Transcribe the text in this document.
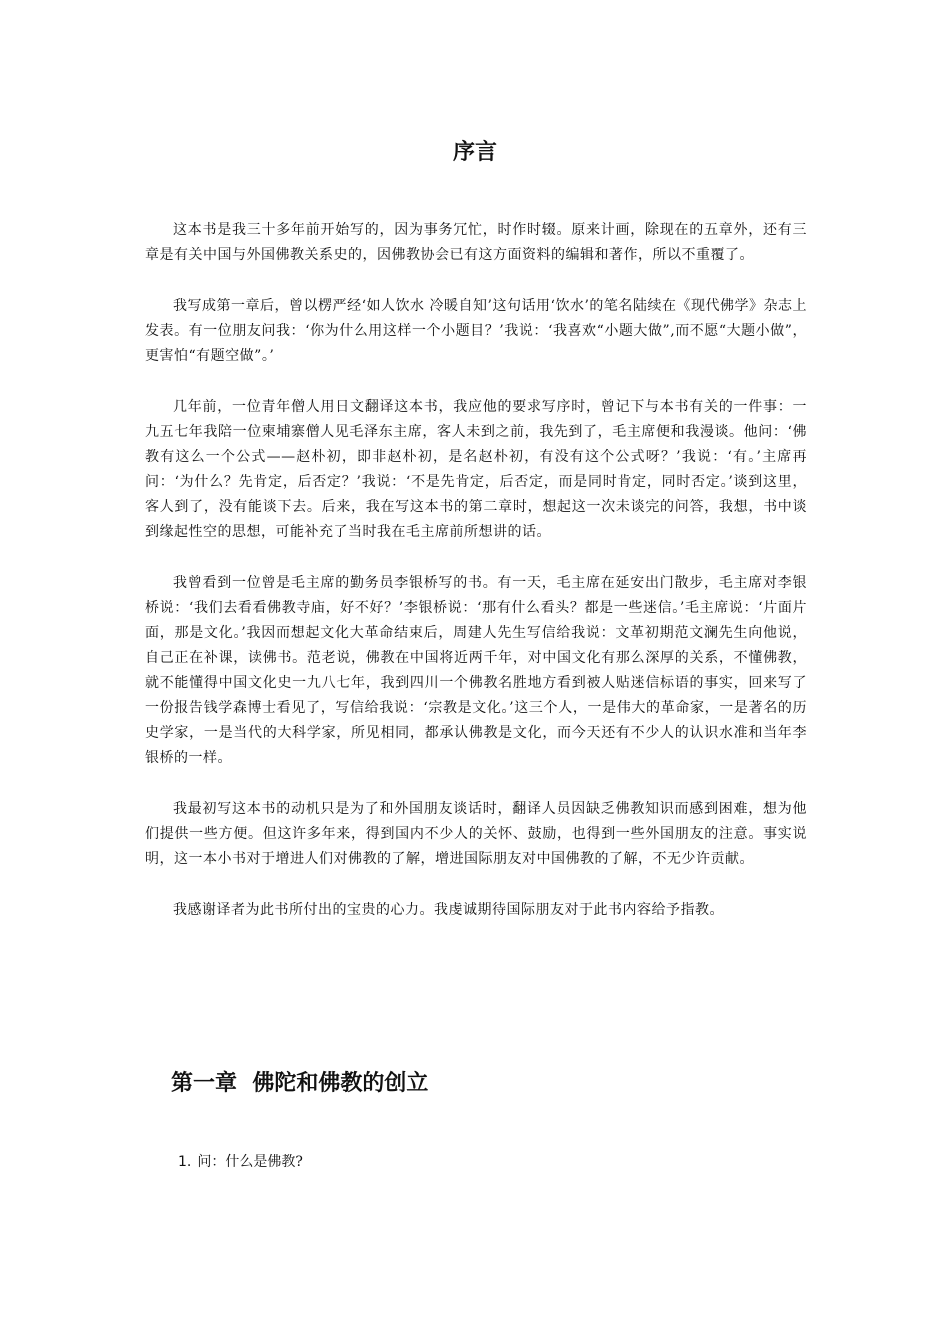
序言

这本书是我三十多年前开始写的，因为事务冗忙，时作时辍。原来计画，除现在的五章外，还有三章是有关中国与外国佛教关系史的，因佛教协会已有这方面资料的编辑和著作，所以不重覆了。

我写成第一章后，曾以楞严经‘如人饮水 冷暖自知’这句话用‘饮水’的笔名陆续在《现代佛学》杂志上发表。有一位朋友问我：‘你为什么用这样一个小题目？’我说：‘我喜欢“小题大做”,而不愿“大题小做”，更害怕“有题空做”。’

几年前，一位青年僧人用日文翻译这本书，我应他的要求写序时，曾记下与本书有关的一件事：一九五七年我陪一位柬埔寨僧人见毛泽东主席，客人未到之前，我先到了，毛主席便和我漫谈。他问：‘佛教有这么一个公式——赵朴初，即非赵朴初，是名赵朴初，有没有这个公式呀？’我说：‘有。’主席再问：‘为什么？先肯定，后否定？’我说：‘不是先肯定，后否定，而是同时肯定，同时否定。’谈到这里，客人到了，没有能谈下去。后来，我在写这本书的第二章时，想起这一次未谈完的问答，我想，书中谈到缘起性空的思想，可能补充了当时我在毛主席前所想讲的话。

我曾看到一位曾是毛主席的勤务员李银桥写的书。有一天，毛主席在延安出门散步，毛主席对李银桥说：‘我们去看看佛教寺庙，好不好？’李银桥说：‘那有什么看头？都是一些迷信。’毛主席说：‘片面片面，那是文化。’我因而想起文化大革命结束后，周建人先生写信给我说：文革初期范文澜先生向他说，自己正在补课，读佛书。范老说，佛教在中国将近两千年，对中国文化有那么深厚的关系，不懂佛教，就不能懂得中国文化史一九八七年，我到四川一个佛教名胜地方看到被人贴迷信标语的事实，回来写了一份报告钱学森博士看见了，写信给我说：‘宗教是文化。’这三个人，一是伟大的革命家，一是著名的历史学家，一是当代的大科学家，所见相同，都承认佛教是文化，而今天还有不少人的认识水准和当年李银桥的一样。

我最初写这本书的动机只是为了和外国朋友谈话时，翻译人员因缺乏佛教知识而感到困难，想为他们提供一些方便。但这许多年来，得到国内不少人的关怀、鼓励，也得到一些外国朋友的注意。事实说明，这一本小书对于增进人们对佛教的了解，增进国际朋友对中国佛教的了解，不无少许贡献。

我感谢译者为此书所付出的宝贵的心力。我虔诚期待国际朋友对于此书内容给予指教。

第一章  佛陀和佛教的创立

1. 问：什么是佛教?
